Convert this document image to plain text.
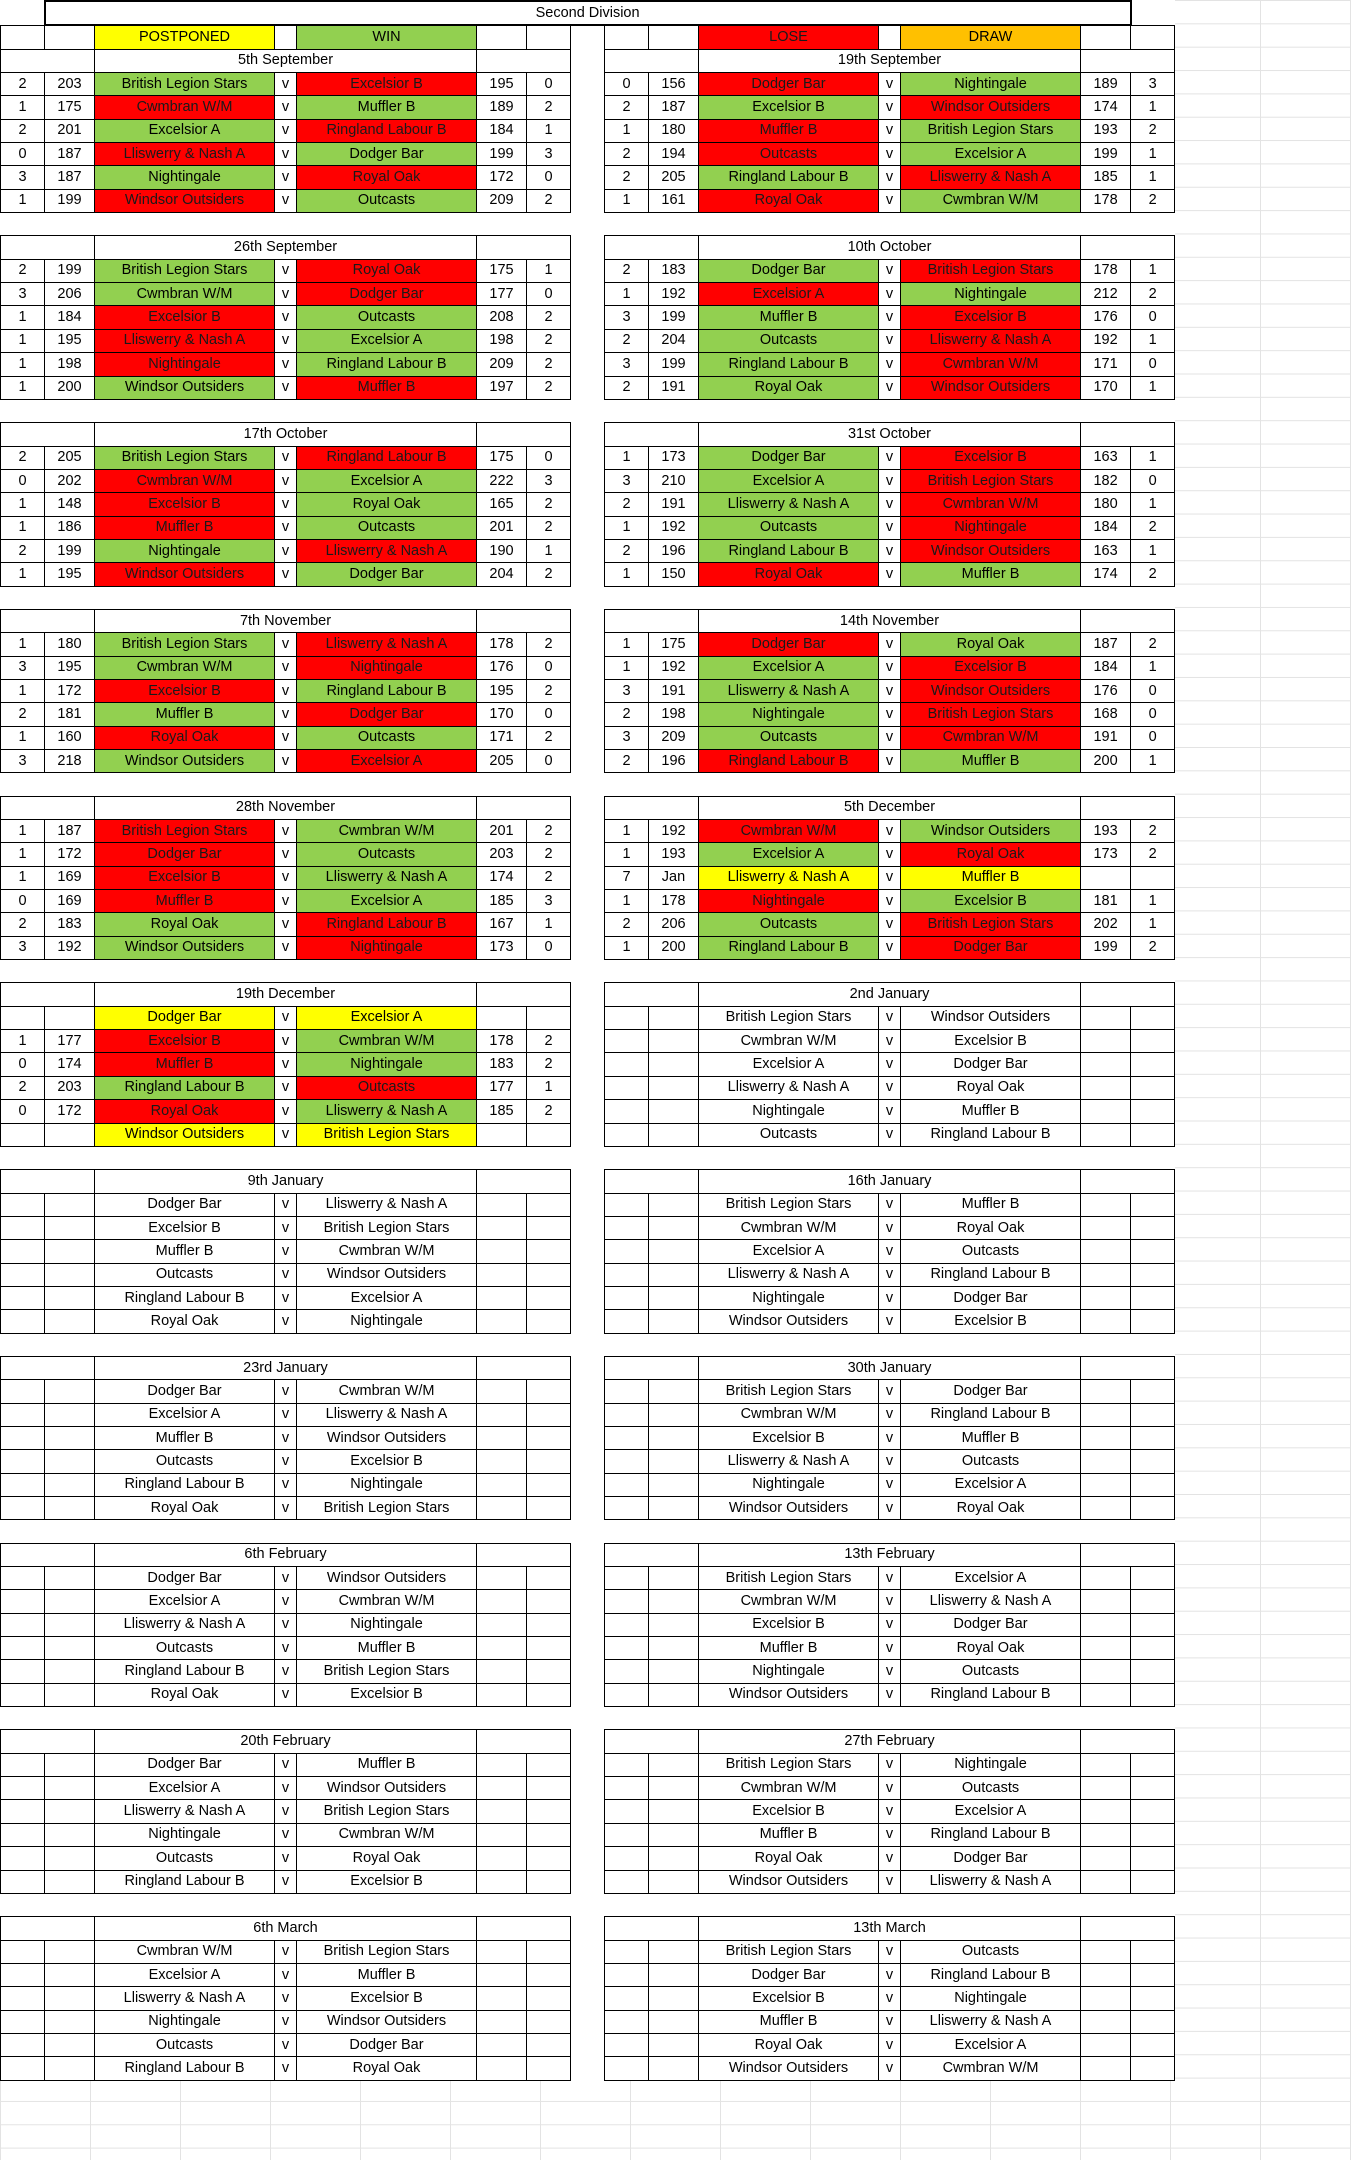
	Second Division													
		POSTPONED		WIN						LOSE		DRAW		
		5th September								19th September				
2	203	British Legion Stars	v	Excelsior B	195	0		0	156	Dodger Bar	v	Nightingale	189	3
1	175	Cwmbran W/M	v	Muffler B	189	2		2	187	Excelsior B	v	Windsor Outsiders	174	1
2	201	Excelsior A	v	Ringland Labour B	184	1		1	180	Muffler B	v	British Legion Stars	193	2
0	187	Lliswerry & Nash A	v	Dodger Bar	199	3		2	194	Outcasts	v	Excelsior A	199	1
3	187	Nightingale	v	Royal Oak	172	0		2	205	Ringland Labour B	v	Lliswerry & Nash A	185	1
1	199	Windsor Outsiders	v	Outcasts	209	2		1	161	Royal Oak	v	Cwmbran W/M	178	2

		26th September								10th October				
2	199	British Legion Stars	v	Royal Oak	175	1		2	183	Dodger Bar	v	British Legion Stars	178	1
3	206	Cwmbran W/M	v	Dodger Bar	177	0		1	192	Excelsior A	v	Nightingale	212	2
1	184	Excelsior B	v	Outcasts	208	2		3	199	Muffler B	v	Excelsior B	176	0
1	195	Lliswerry & Nash A	v	Excelsior A	198	2		2	204	Outcasts	v	Lliswerry & Nash A	192	1
1	198	Nightingale	v	Ringland Labour B	209	2		3	199	Ringland Labour B	v	Cwmbran W/M	171	0
1	200	Windsor Outsiders	v	Muffler B	197	2		2	191	Royal Oak	v	Windsor Outsiders	170	1

		17th October								31st October				
2	205	British Legion Stars	v	Ringland Labour B	175	0		1	173	Dodger Bar	v	Excelsior B	163	1
0	202	Cwmbran W/M	v	Excelsior A	222	3		3	210	Excelsior A	v	British Legion Stars	182	0
1	148	Excelsior B	v	Royal Oak	165	2		2	191	Lliswerry & Nash A	v	Cwmbran W/M	180	1
1	186	Muffler B	v	Outcasts	201	2		1	192	Outcasts	v	Nightingale	184	2
2	199	Nightingale	v	Lliswerry & Nash A	190	1		2	196	Ringland Labour B	v	Windsor Outsiders	163	1
1	195	Windsor Outsiders	v	Dodger Bar	204	2		1	150	Royal Oak	v	Muffler B	174	2

		7th November								14th November				
1	180	British Legion Stars	v	Lliswerry & Nash A	178	2		1	175	Dodger Bar	v	Royal Oak	187	2
3	195	Cwmbran W/M	v	Nightingale	176	0		1	192	Excelsior A	v	Excelsior B	184	1
1	172	Excelsior B	v	Ringland Labour B	195	2		3	191	Lliswerry & Nash A	v	Windsor Outsiders	176	0
2	181	Muffler B	v	Dodger Bar	170	0		2	198	Nightingale	v	British Legion Stars	168	0
1	160	Royal Oak	v	Outcasts	171	2		3	209	Outcasts	v	Cwmbran W/M	191	0
3	218	Windsor Outsiders	v	Excelsior A	205	0		2	196	Ringland Labour B	v	Muffler B	200	1

		28th November								5th December				
1	187	British Legion Stars	v	Cwmbran W/M	201	2		1	192	Cwmbran W/M	v	Windsor Outsiders	193	2
1	172	Dodger Bar	v	Outcasts	203	2		1	193	Excelsior A	v	Royal Oak	173	2
1	169	Excelsior B	v	Lliswerry & Nash A	174	2		7	Jan	Lliswerry & Nash A	v	Muffler B		
0	169	Muffler B	v	Excelsior A	185	3		1	178	Nightingale	v	Excelsior B	181	1
2	183	Royal Oak	v	Ringland Labour B	167	1		2	206	Outcasts	v	British Legion Stars	202	1
3	192	Windsor Outsiders	v	Nightingale	173	0		1	200	Ringland Labour B	v	Dodger Bar	199	2

		19th December								2nd January				
		Dodger Bar	v	Excelsior A						British Legion Stars	v	Windsor Outsiders		
1	177	Excelsior B	v	Cwmbran W/M	178	2				Cwmbran W/M	v	Excelsior B		
0	174	Muffler B	v	Nightingale	183	2				Excelsior A	v	Dodger Bar		
2	203	Ringland Labour B	v	Outcasts	177	1				Lliswerry & Nash A	v	Royal Oak		
0	172	Royal Oak	v	Lliswerry & Nash A	185	2				Nightingale	v	Muffler B		
		Windsor Outsiders	v	British Legion Stars						Outcasts	v	Ringland Labour B		

		9th January								16th January				
		Dodger Bar	v	Lliswerry & Nash A						British Legion Stars	v	Muffler B		
		Excelsior B	v	British Legion Stars						Cwmbran W/M	v	Royal Oak		
		Muffler B	v	Cwmbran W/M						Excelsior A	v	Outcasts		
		Outcasts	v	Windsor Outsiders						Lliswerry & Nash A	v	Ringland Labour B		
		Ringland Labour B	v	Excelsior A						Nightingale	v	Dodger Bar		
		Royal Oak	v	Nightingale						Windsor Outsiders	v	Excelsior B		

		23rd January								30th January				
		Dodger Bar	v	Cwmbran W/M						British Legion Stars	v	Dodger Bar		
		Excelsior A	v	Lliswerry & Nash A						Cwmbran W/M	v	Ringland Labour B		
		Muffler B	v	Windsor Outsiders						Excelsior B	v	Muffler B		
		Outcasts	v	Excelsior B						Lliswerry & Nash A	v	Outcasts		
		Ringland Labour B	v	Nightingale						Nightingale	v	Excelsior A		
		Royal Oak	v	British Legion Stars						Windsor Outsiders	v	Royal Oak		

		6th February								13th February				
		Dodger Bar	v	Windsor Outsiders						British Legion Stars	v	Excelsior A		
		Excelsior A	v	Cwmbran W/M						Cwmbran W/M	v	Lliswerry & Nash A		
		Lliswerry & Nash A	v	Nightingale						Excelsior B	v	Dodger Bar		
		Outcasts	v	Muffler B						Muffler B	v	Royal Oak		
		Ringland Labour B	v	British Legion Stars						Nightingale	v	Outcasts		
		Royal Oak	v	Excelsior B						Windsor Outsiders	v	Ringland Labour B		

		20th February								27th February				
		Dodger Bar	v	Muffler B						British Legion Stars	v	Nightingale		
		Excelsior A	v	Windsor Outsiders						Cwmbran W/M	v	Outcasts		
		Lliswerry & Nash A	v	British Legion Stars						Excelsior B	v	Excelsior A		
		Nightingale	v	Cwmbran W/M						Muffler B	v	Ringland Labour B		
		Outcasts	v	Royal Oak						Royal Oak	v	Dodger Bar		
		Ringland Labour B	v	Excelsior B						Windsor Outsiders	v	Lliswerry & Nash A		

		6th March								13th March				
		Cwmbran W/M	v	British Legion Stars						British Legion Stars	v	Outcasts		
		Excelsior A	v	Muffler B						Dodger Bar	v	Ringland Labour B		
		Lliswerry & Nash A	v	Excelsior B						Excelsior B	v	Nightingale		
		Nightingale	v	Windsor Outsiders						Muffler B	v	Lliswerry & Nash A		
		Outcasts	v	Dodger Bar						Royal Oak	v	Excelsior A		
		Ringland Labour B	v	Royal Oak						Windsor Outsiders	v	Cwmbran W/M		
